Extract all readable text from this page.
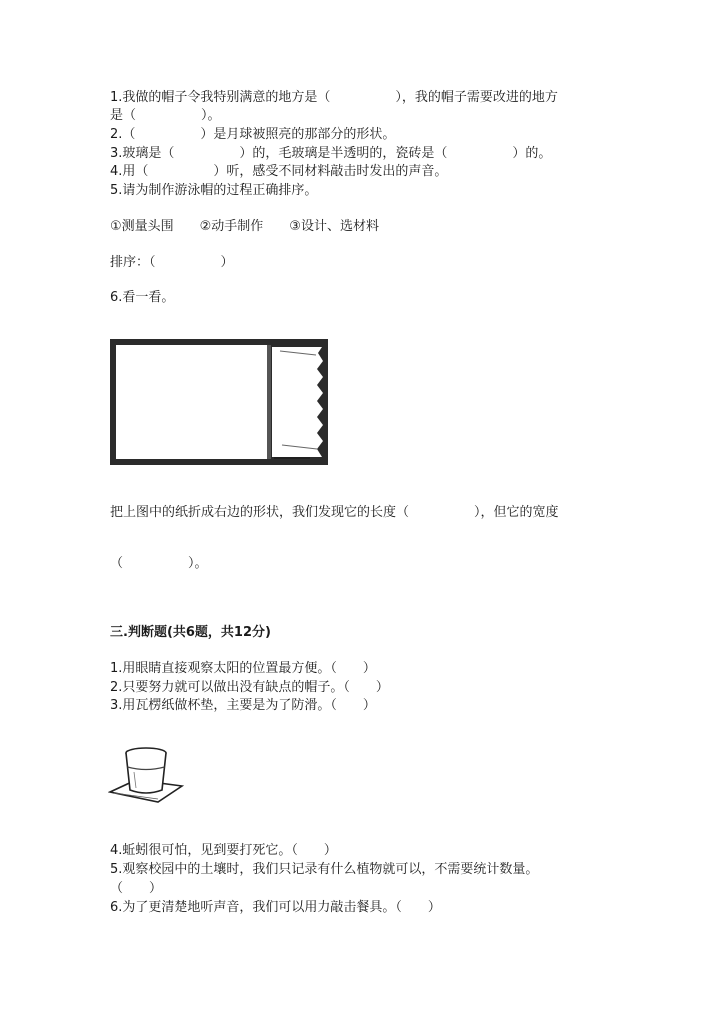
1.我做的帽子令我特别满意的地方是（　　　　　），我的帽子需要改进的地方
是（　　　　　）。
2.（　　　　　）是月球被照亮的那部分的形状。
3.玻璃是（　　　　　）的，毛玻璃是半透明的，瓷砖是（　　　　　）的。
4.用（　　　　　）听，感受不同材料敲击时发出的声音。
5.请为制作游泳帽的过程正确排序。
①测量头围　　②动手制作　　③设计、选材料
排序：（　　　　　）
6.看一看。
把上图中的纸折成右边的形状，我们发现它的长度（　　　　　），但它的宽度
（　　　　　）。
三.判断题(共6题，共12分)
1.用眼睛直接观察太阳的位置最方便。（　　）
2.只要努力就可以做出没有缺点的帽子。（　　）
3.用瓦楞纸做杯垫，主要是为了防滑。（　　）
4.蚯蚓很可怕，见到要打死它。（　　）
5.观察校园中的土壤时，我们只记录有什么植物就可以，不需要统计数量。
（　　）
6.为了更清楚地听声音，我们可以用力敲击餐具。（　　）
